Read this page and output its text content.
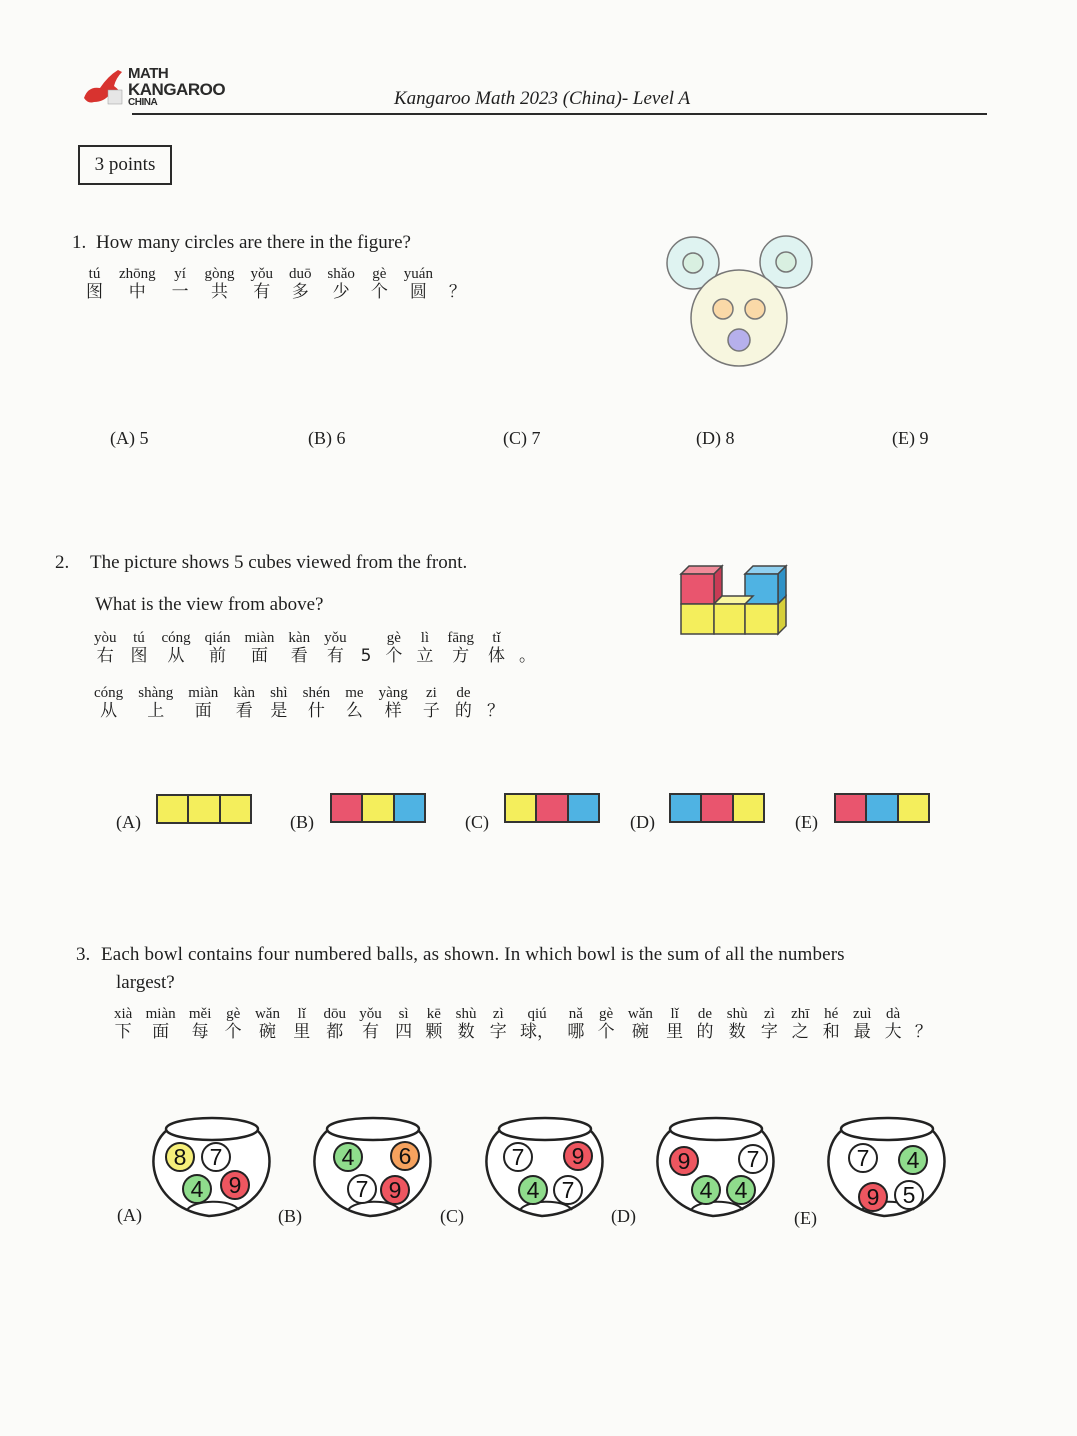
MATH
KANGAROO
CHINA	Kangaroo Math 2023 (China)- Level A
3 points
1. How many circles are there in the figure?
tú
图
zhōng
中
yí
一
gòng
共
yǒu
有
duō
多
shǎo
少
gè
个
yuán
圆 ？
(A) 5	(B) 6	(C) 7	(D) 8	(E) 9
2. The picture shows 5 cubes viewed from the front.
What is the view from above?
yòu
右
tú
图
cóng
从
qián
前
miàn
面
kàn
看
yǒu
有 5
gè
个
lì
立
fāng
方
tǐ
体 。
cóng
从
shàng
上
miàn
面
kàn
看
shì
是
shén
什
me
么
yàng
样
zi
子
de
的 ？
(A)	(B)	(C)	(D)	(E)
3. Each bowl contains four numbered balls, as shown. In which bowl is the sum of all the numbers
largest?
xià
下
miàn
面
měi
每
gè
个
wǎn
碗
lǐ
里
dōu
都
yǒu
有
sì
四
kē
颗
shù
数
zì
字
qiú
球，
nǎ
哪
gè
个
wǎn
碗
lǐ
里
de
的
shù
数
zì
字
zhī
之
hé
和
zuì
最
dà
大 ？
(A)
8 7
4 9
(B)
4 6
7 9
(C)
7 9
4 7
(D)
9 7
4 4
(E)
7 4
9 5
